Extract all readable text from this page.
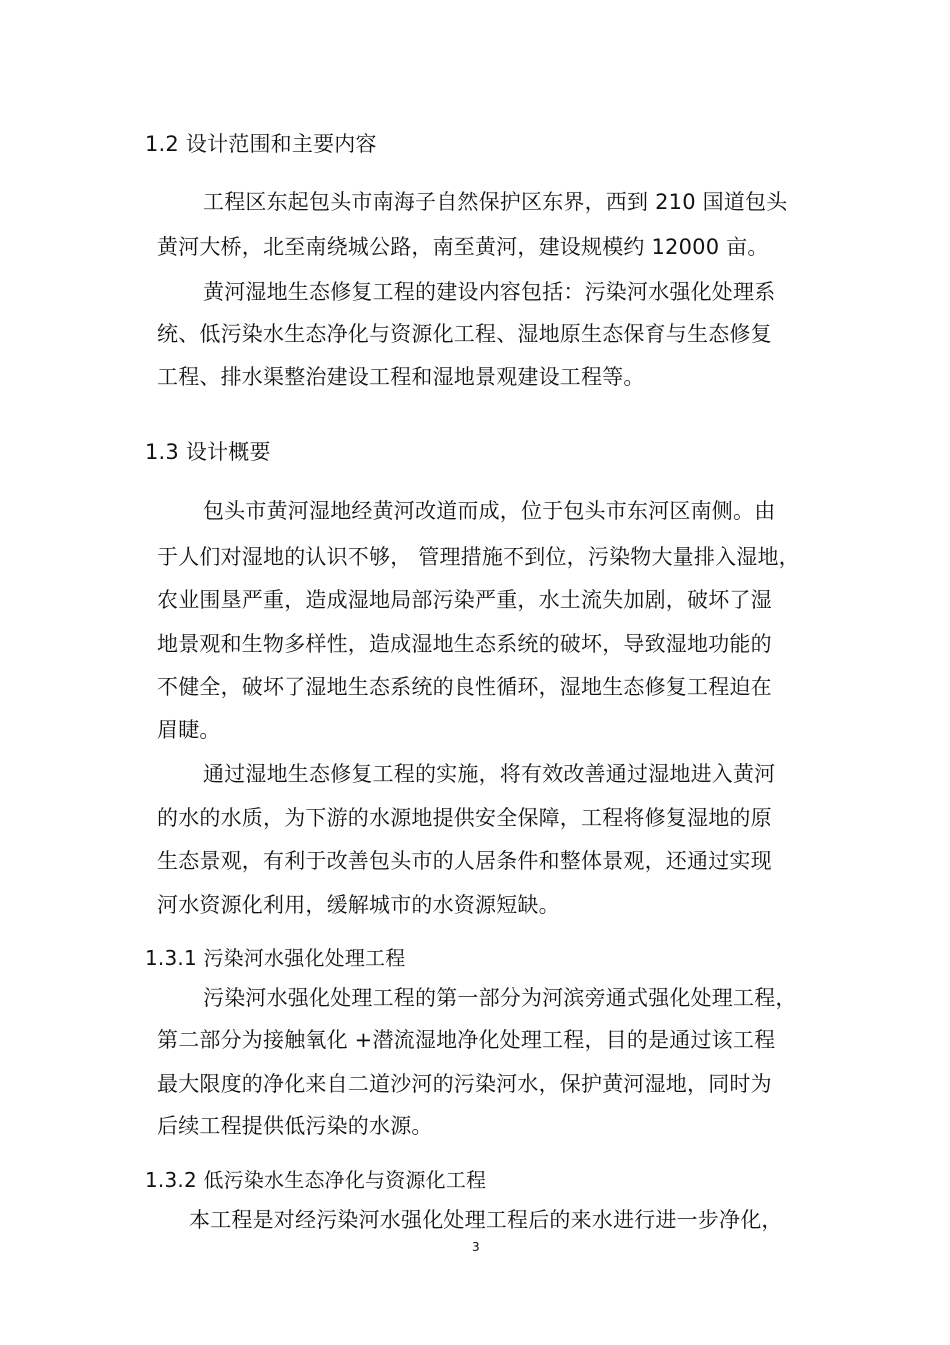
1.2 设计范围和主要内容
工程区东起包头市南海子自然保护区东界，西到 210 国道包头
黄河大桥，北至南绕城公路，南至黄河，建设规模约 12000 亩。
黄河湿地生态修复工程的建设内容包括：污染河水强化处理系
统、低污染水生态净化与资源化工程、湿地原生态保育与生态修复
工程、排水渠整治建设工程和湿地景观建设工程等。
1.3 设计概要
包头市黄河湿地经黄河改道而成，位于包头市东河区南侧。由
于人们对湿地的认识不够， 管理措施不到位，污染物大量排入湿地，
农业围垦严重，造成湿地局部污染严重，水土流失加剧，破坏了湿
地景观和生物多样性，造成湿地生态系统的破坏，导致湿地功能的
不健全，破坏了湿地生态系统的良性循环，湿地生态修复工程迫在
眉睫。
通过湿地生态修复工程的实施，将有效改善通过湿地进入黄河
的水的水质，为下游的水源地提供安全保障，工程将修复湿地的原
生态景观，有利于改善包头市的人居条件和整体景观，还通过实现
河水资源化利用，缓解城市的水资源短缺。
1.3.1 污染河水强化处理工程
污染河水强化处理工程的第一部分为河滨旁通式强化处理工程，
第二部分为接触氧化 +潜流湿地净化处理工程，目的是通过该工程
最大限度的净化来自二道沙河的污染河水，保护黄河湿地，同时为
后续工程提供低污染的水源。
1.3.2 低污染水生态净化与资源化工程
本工程是对经污染河水强化处理工程后的来水进行进一步净化，
3
